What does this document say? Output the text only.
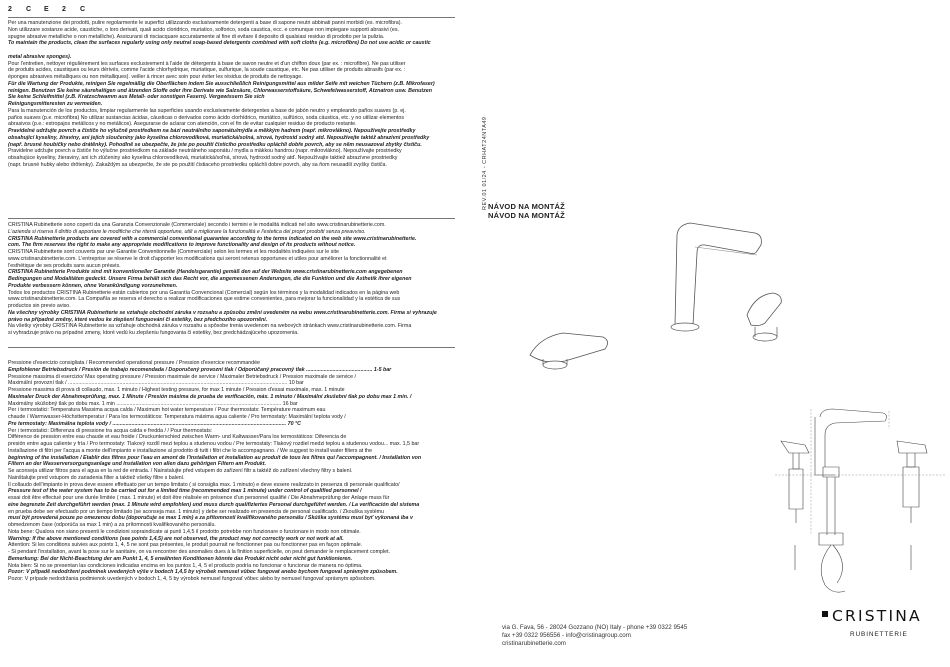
2 C E 2 C

Per una manutenzione dei prodotti, pulire regolarmente le superfici utilizzando esclusivamente detergenti a base di sapone neutri abbinati panni morbidi (es. microfibra).

Non utilizzare sostanze acide, caustiche, o loro derivati, quali acido cloridrico, muriatico, solforico, soda caustica, ecc. e comunque non impiegare supporti abrasivi (es.

spugne abrasive metalliche o non metalliche). Assicurarsi di risciacquare accuratamente al fine di evitare il deposito di qualsiasi residuo di prodotto per la pulizia.

To maintain the products, clean the surfaces regularly using only neutral soap-based detergents combined with soft cloths (e.g. microfibre) Do not use acidic or caustic

metal abrasive sponges).

Pour l'entretien, nettoyer régulièrement les surfaces exclusivement à l'aide de détergents à base de savon neutre et d'un chiffon doux (par ex. : microfibre). Ne pas utiliser

de produits acides, caustiques ou leurs dérivés, comme l'acide chlorhydrique, muriatique, sulfurique, la soude caustique, etc. Ne pas utiliser de produits abrasifs (par ex. :

éponges abrasives métalliques ou non métalliques). veiller à rincer avec soin pour éviter les résidus de produits de nettoyage.

Für die Wartung der Produkte, reinigen Sie regelmäßig die Oberflächen indem Sie ausschließlich Reinigungsmittel aus milder Seife mit weichen Tüchern (z.B. Mikrofaser)

reinigen. Benutzen Sie keine säurehaltigen und ätzenden Stoffe oder ihre Derivate wie Salzsäure, Chlorwasserstoffsäure, Schwefelwasserstoff, Ätznatron usw. Benutzen

Sie keine Schleifmittel (z.B. Kratzschwamm aus Metall- oder sonstigen Fasern). Vergewissern Sie sich

Reinigungsmitteresten zu vermeiden.

Para la manutención de los productos, limpiar regularmente las superficies usando exclusivamente detergentes a base de jabón neutro y empleando paños suaves (p. ej.

paños suaves (p.e. microfibra) No utilizar sustancias ácidas, cáusticas o derivados como ácido clorhídrico, muriático, sulfúrico, soda cáustica, etc. y no utilizar elementos

abrasivos (p.e.: estropajos metálicos y no metálicos). Asegurarse de aclarar con atención, con el fin de evitar cualquier residuo de producto restante.

Pravidelné udržujte povrch a čističe ho výlučně prostředkem na bázi neutrálního saponátu/mýdla a měkkým hadrem (např. mikrovlákno). Nepoužívejte prostředky

obsahující kyseliny, žíraviny, ani jejich sloučeniny jako kyselina chlorovodíková, muriatická/solná, sírová, hydroxid sodný atd. Nepoužívejte taktéž abrazivní prostředky

(např. brusné houbičky nebo drátěnky). Pohodlně se ubezpečte, že jste po použití čisticího prostředku opláchli dobře povrch, aby se něm neusazoval zbytky čističu.

Pravidelne udržujte povrch a čističe ho výlučne prostriedkom na základe neutrálneho saponátu / mydla a mäkkou handrou (napr. mikrovlákno). Nepoužívajte prostriedky

obsahujúce kyseliny, žieraviny, ani ich zlúčeniny ako kyselina chlorovodíková, muriatická/soľná, sírová, hydroxid sodný atď. Nepoužívajte taktiež abrazívne prostriedky

(napr. brusné hubky alebo drôtenky). Zakaždým sa ubezpečte, že ste po použití čistiaceho prostriedku opláchli dobre povrch, aby sa ňom neusadili zvyšky čističa.

CRISTINA Rubinetterie sono coperti da una Garanzia Convenzionale (Commerciale) secondo i termini e le modalità indicati nel sito www.cristinarubinetterie.com.

L'azienda si riserva il diritto di apportare le modifiche che riterrà opportune, utili a migliorare la funzionalità e l'estetica dei propri prodotti senza preavviso.

CRISTINA Rubinetterie products are covered with a commercial conventional guarantee according to the terms indicated on the web site www.cristinarubinetterie.

com. The firm reserves the right to make any appropriate modifications to improve functionality and design of its products without notice.

CRISTINA Rubinetterie sont couverts par une Garantie Conventionnelle (Commerciale) selon les termes et les modalités indiquées sur le site

www.cristinarubinetterie.com. L'entreprise se réserve le droit d'apporter les modifications qui seront retenus opportunes et utiles pour améliorer la fonctionnalité et

l'esthétique de ses produits sans aucun préavis.

CRISTINA Rubinetterie Produkte sind mit konventioneller Garantie (Handelsgarantie) gemäß den auf der Website www.cristinarubinetterie.com angegebenen

Bedingungen und Modalitäten gedeckt. Unsere Firma behält sich das Recht vor, die angemessenen Änderungen, die die Funktion und die Ästhetik ihrer eigenen

Produkte verbessern können, ohne Vorankündigung vorzunehmen.

Todos los productos CRISTINA Rubinetterie están cubiertos por una Garantía Convencional (Comercial) según los términos y la modalidad indicados en la página web

www.cristinarubinetterie.com. La Compañía se reserva el derecho a realizar modificaciones que estime convenientes, para mejorar la funcionalidad y la estética de sus

productos sin previo aviso.

Na všechny výrobky CRISTINA Rubinetterie se vztahuje obchodní záruka v rozsahu a způsobu změní uvedeném na webu www.cristinarubinetterie.com. Firma si vyhrazuje

právo na případné změny, které vedou ke zlepšení funguování či estetiky, bez předchozího upozornění.

Na všetky výrobky CRISTINA Rubinetterie sa vzťahuje obchodná záruka v rozsahu a spôsobe trenia uvedenom na webových stránkach www.cristinarubinetterie.com. Firma

si vyhradzuje právo na prípadné zmeny, ktoré vedú ku zlepšeniu fungovania či estetiky, bez predchádzajúceho upozornenia.

Pressione d'esercizio consigliata / Recommended operational pressure / Pression d'exercice recommandée

Empfohlener Betriebsdruck / Presión de trabajo recomendada / Doporučený provozní tlak / Odporúčaný pracovný tlak ............................................. 1-5 bar

Pressione massima di esercizio/ Max operating pressure / Pression maximale de service / Maximaler Betriebsdruck / Pression maximale de service /

Maximální provozní tlak / ..................................................................................................................................................... 10 bar

Pressione massima di prova di collaudo, max. 1 minuto / Highest testing pressure, for max 1 minute / Pression d'essai maximale, max. 1 minute

Maximaler Druck der Abnahmeprüfung, max. 1 Minute / Presión máxima de prueba de verificación, máx. 1 minuto / Maximální zkušební tlak po dobu max 1 min. /

Maximálny skúšobný tlak po dobu max. 1 min ................................................................................................................ 16 bar

Per i termostatici: Temperatura Massima acqua calda / Maximum hot water temperature / Pour thermostats: Température maximum eau

chaude / Warmwasser-Höchsttemperatur / Para los termostáticos: Temperatura máxima agua caliente / Pro termostaty: Maximální teplota vody /

Pre termostaty: Maximálna teplota vody / ...................................................................................................................... 70 °C

Per i termostatici: Differenza di pressione tra acqua calda e fredda / / Pour thermostats:

Différence de pression entre eau chaude et eau froide / Druckunterschied zwischen Warm- und Kaltwasser/Para los termostáticos: Diferencia de

presión entre agua caliente y fría / Pro termostaty: Tlakový rozdíl mezi teplou a studenou vodou / Pre termostaty: Tlakový rozdiel medzi teplou a studenou vodou... max. 1,5 bar

Installazione di filtri per l'acqua a monte dell'impianto e installazione al prodotto di tutti i filtri che lo accompagnano. / We suggest to install water filters at the

beginning of the installation / Etablir des filtres pour l'eau en amont de l'installation et installation au produit de tous les filtres qui l'accompagnent. / Installation von

Filtern an der Wasserversorgungsanlage und Installation von allen dazu gehörigen Filtern am Produkt.

Se aconseja utilizar filtros para el agua en la red de entrada. / Nainstalujte před vstupem do zařízení filtr a taktéž do zařízení všechny filtry s balení.

Nainštalujte pred vstupom do zariadenia filter a taktiež všetky filtre s balení.

Il collaudo dell'impianto in prova deve essere effettuato per un tempo limitato ( si consiglia max. 1 minuto) e deve essere realizzato in presenza di personale qualificato/

Pressure test of the water system has to be carried out for a limited time (recommended max 1 minute) under control of qualified personnel /

essai doit être effectué pour une durée limitée ( max. 1 minute) et doit être réalisée en présence d'un personnel qualifié / Die Abnahmeprüfung der Anlage muss für

eine begrenzte Zeit durchgeführt werden (max. 1 Minute wird empfohlen) und muss durch qualifiziertes Personal durchgeführt werden. / La verificación del sistema

en prueba debe ser efectuado por un tiempo limitado (se aconseja max. 1 minuto) y debe ser realizado en presencia de personal cualificado. / Zkouška systému

musí být provedená pouze po omezenou dobu (doporučuje se max 1 min) a za přítomnosti kvalifikovaného personálu / Skúška systému musí byť vykonaná iba v

obmedzenom čase (odporúča sa max 1 min) a za prítomnosti kvalifikovaného personálu.

Nota bene: Qualora non siano presenti le condizioni sopraindicate ai punti 1,4,5 il prodotto potrebbe non funzionare o funzionare in modo non ottimale.

Warning: If the above mentioned conditions (see points 1,4,5) are not observed, the product may not correctly work or not work at all.

Attention: Si les conditions suivies aux points 1, 4, 5 ne sont pas présentes, le produit pourrait ne fonctionner pas ou fonctionner pas en façon optimale.

- Si pendant l'installation, avant la pose sur le sanitaire, on va rencontrer des anomalies dues à la finition superficielle, on peut demander le remplacement complet.

Bemerkung: Bei der Nicht-Beachtung der am Punkt 1, 4, 5 erwähnten Konditionen könnte das Produkt nicht oder nicht gut funktionieren.

Nota bien: Si no se presentan las condiciones indicadas encima en los puntos 1, 4, 5 el producto podría no funcionar o funcionar de manera no óptima.

Pozor: V případě nedodržení podmínek uvedených výše v bodech 1,4,5 by výrobek nemusel vůbec fungovat anebo bychom fungoval správným způsobem.

Pozor: V prípade nedodržania podmienok uvedených v bodoch 1, 4, 5 by výrobok nemusel fungovať vôbec alebo by nemusel fungovať správnym spôsobom.

REV.01 01/24 - CRHAT24NTA49 NÁVOD NA MONTÁŽ
NÁVOD NA MONTÁŽ

via G. Fava, 56 - 28024 Gozzano (NO) Italy - phone +39 0322 9545

fax +39 0322 956556 - info@cristinagroup.com

cristinarubinetterie.com

CRISTINA
RUBINETTERIE
